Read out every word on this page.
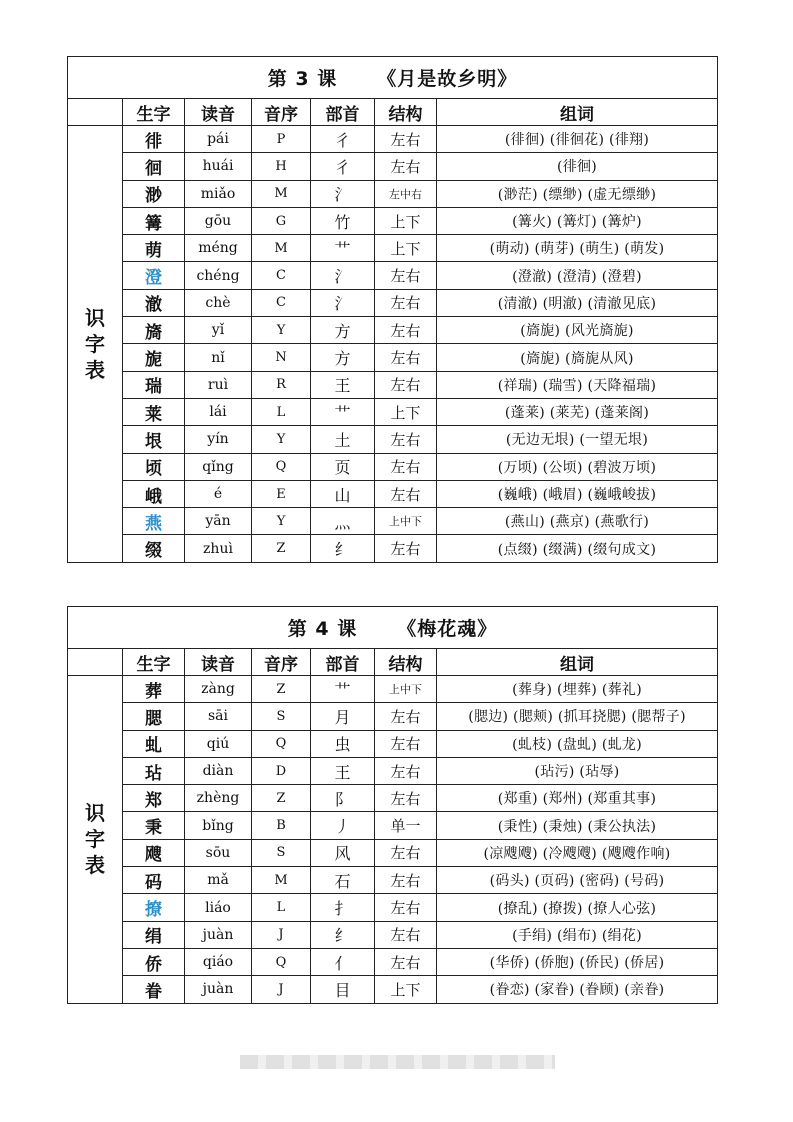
第 3 课 《月是故乡明》						
	生字	读音	音序	部首	结构	组词

识
字
表	徘	pái	P	彳	左右	(徘徊) (徘徊花) (徘翔)
	徊	huái	H	彳	左右	(徘徊)
	渺	miǎo	M	氵	左中右	(渺茫) (缥缈) (虚无缥缈)
	篝	gōu	G	竹	上下	(篝火) (篝灯) (篝炉)
	萌	méng	M	艹	上下	(萌动) (萌芽) (萌生) (萌发)
	澄	chéng	C	氵	左右	(澄澈) (澄清) (澄碧)
	澈	chè	C	氵	左右	(清澈) (明澈) (清澈见底)
	旖	yǐ	Y	方	左右	(旖旎) (风光旖旎)
	旎	nǐ	N	方	左右	(旖旎) (旖旎从风)
	瑞	ruì	R	王	左右	(祥瑞) (瑞雪) (天降福瑞)
	莱	lái	L	艹	上下	(蓬莱) (莱芜) (蓬莱阁)
	垠	yín	Y	土	左右	(无边无垠) (一望无垠)
	顷	qǐng	Q	页	左右	(万顷) (公顷) (碧波万顷)
	峨	é	E	山	左右	(巍峨) (峨眉) (巍峨峻拔)
	燕	yān	Y	灬	上中下	(燕山) (燕京) (燕歌行)
	缀	zhuì	Z	纟	左右	(点缀) (缀满) (缀句成文)
第 4 课 《梅花魂》						
	生字	读音	音序	部首	结构	组词

识
字
表	葬	zàng	Z	艹	上中下	(葬身) (埋葬) (葬礼)
	腮	sāi	S	月	左右	(腮边) (腮颊) (抓耳挠腮) (腮帮子)
	虬	qiú	Q	虫	左右	(虬枝) (盘虬) (虬龙)
	玷	diàn	D	王	左右	(玷污) (玷辱)
	郑	zhèng	Z	阝	左右	(郑重) (郑州) (郑重其事)
	秉	bǐng	B	丿	单一	(秉性) (秉烛) (秉公执法)
	飕	sōu	S	风	左右	(凉飕飕) (冷飕飕) (飕飕作响)
	码	mǎ	M	石	左右	(码头) (页码) (密码) (号码)
	撩	liáo	L	扌	左右	(撩乱) (撩拨) (撩人心弦)
	绢	juàn	J	纟	左右	(手绢) (绢布) (绢花)
	侨	qiáo	Q	亻	左右	(华侨) (侨胞) (侨民) (侨居)
	眷	juàn	J	目	上下	(眷恋) (家眷) (眷顾) (亲眷)
